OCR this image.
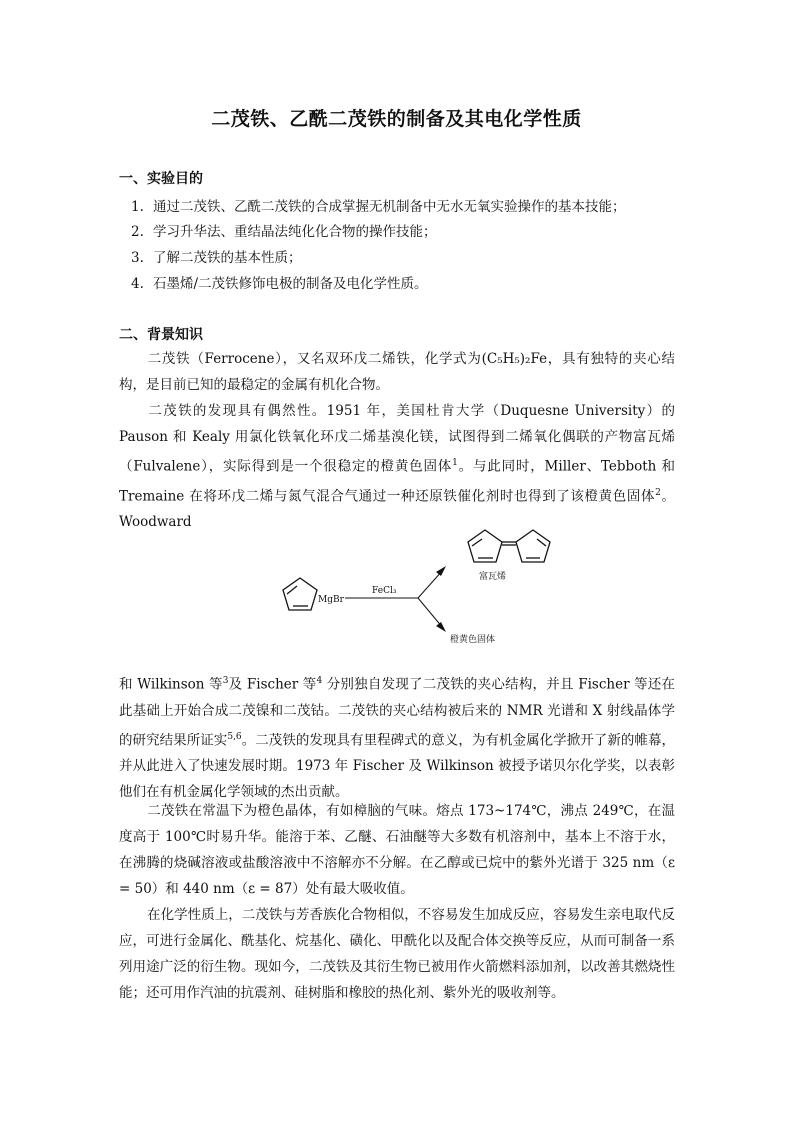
二茂铁、乙酰二茂铁的制备及其电化学性质
一、实验目的
1. 通过二茂铁、乙酰二茂铁的合成掌握无机制备中无水无氧实验操作的基本技能；
2. 学习升华法、重结晶法纯化化合物的操作技能；
3. 了解二茂铁的基本性质；
4. 石墨烯/二茂铁修饰电极的制备及电化学性质。
二、背景知识
二茂铁（Ferrocene），又名双环戊二烯铁，化学式为(C₅H₅)₂Fe，具有独特的夹心结构，是目前已知的最稳定的金属有机化合物。
二茂铁的发现具有偶然性。1951 年，美国杜肯大学（Duquesne University）的 Pauson 和 Kealy 用氯化铁氧化环戊二烯基溴化镁，试图得到二烯氧化偶联的产物富瓦烯（Fulvalene），实际得到是一个很稳定的橙黄色固体$^1$。与此同时，Miller、Tebboth 和 Tremaine 在将环戊二烯与氮气混合气通过一种还原铁催化剂时也得到了该橙黄色固体$^2$。Woodward
富瓦烯
MgBr
FeCl₃
橙黄色固体
和 Wilkinson 等$^3$及 Fischer 等$^4$ 分别独自发现了二茂铁的夹心结构，并且 Fischer 等还在此基础上开始合成二茂镍和二茂钴。二茂铁的夹心结构被后来的 NMR 光谱和 X 射线晶体学的研究结果所证实$^{5,6}$。二茂铁的发现具有里程碑式的意义，为有机金属化学掀开了新的帷幕，并从此进入了快速发展时期。1973 年 Fischer 及 Wilkinson 被授予诺贝尔化学奖，以表彰他们在有机金属化学领域的杰出贡献。
二茂铁在常温下为橙色晶体，有如樟脑的气味。熔点 173~174℃，沸点 249℃，在温度高于 100℃时易升华。能溶于苯、乙醚、石油醚等大多数有机溶剂中，基本上不溶于水，在沸腾的烧碱溶液或盐酸溶液中不溶解亦不分解。在乙醇或已烷中的紫外光谱于 325 nm（ε = 50）和 440 nm（ε = 87）处有最大吸收值。
在化学性质上，二茂铁与芳香族化合物相似，不容易发生加成反应，容易发生亲电取代反应，可进行金属化、酰基化、烷基化、磺化、甲酰化以及配合体交换等反应，从而可制备一系列用途广泛的衍生物。现如今，二茂铁及其衍生物已被用作火箭燃料添加剂，以改善其燃烧性能；还可用作汽油的抗震剂、硅树脂和橡胶的热化剂、紫外光的吸收剂等。
